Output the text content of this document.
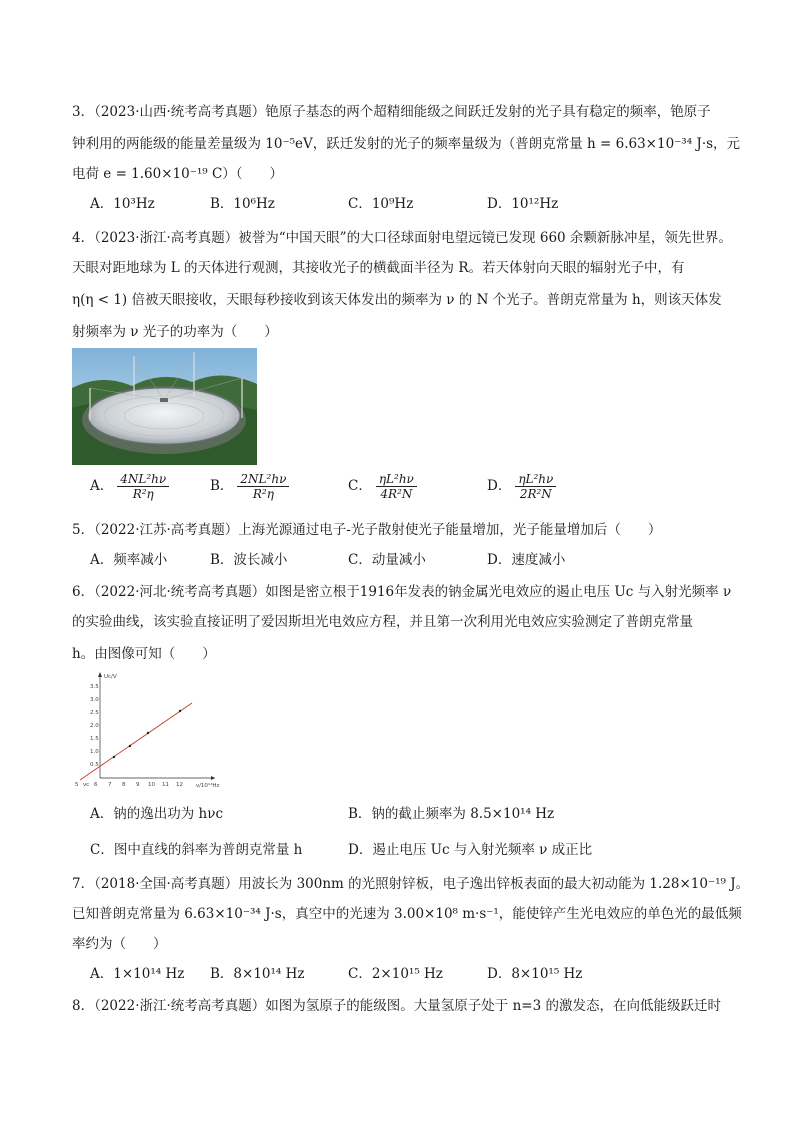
3．（2023·山西·统考高考真题）铯原子基态的两个超精细能级之间跃迁发射的光子具有稳定的频率，铯原子
钟利用的两能级的能量差量级为 10⁻⁵eV，跃迁发射的光子的频率量级为（普朗克常量 h = 6.63×10⁻³⁴ J·s，元
电荷 e = 1.60×10⁻¹⁹ C）（　　）
A．10³Hz	B．10⁶Hz	C．10⁹Hz	D．10¹²Hz
4．（2023·浙江·高考真题）被誉为“中国天眼”的大口径球面射电望远镜已发现 660 余颗新脉冲星，领先世界。
天眼对距地球为 L 的天体进行观测，其接收光子的横截面半径为 R。若天体射向天眼的辐射光子中，有
η(η < 1) 倍被天眼接收，天眼每秒接收到该天体发出的频率为 ν 的 N 个光子。普朗克常量为 h，则该天体发
射频率为 ν 光子的功率为（　　）
A． $\frac{\text{4NL²hν}}{\text{R²η}}$	B． $\frac{\text{2NL²hν}}{\text{R²η}}$	C． $\frac{\text{ηL²hν}}{\text{4R²N}}$	D． $\frac{\text{ηL²hν}}{\text{2R²N}}$
5．（2022·江苏·高考真题）上海光源通过电子-光子散射使光子能量增加，光子能量增加后（　　）
A．频率减小	B．波长减小	C．动量减小	D．速度减小
6．（2022·河北·统考高考真题）如图是密立根于1916年发表的钠金属光电效应的遏止电压 Uc 与入射光频率 ν
的实验曲线，该实验直接证明了爱因斯坦光电效应方程，并且第一次利用光电效应实验测定了普朗克常量
h。由图像可知（　　）
Uc/V
ν/10¹⁴Hz
0.5
1.0
1.5
2.0
2.5
3.0
3.5
5 νc 6 7 8 9 10 11 12
A．钠的逸出功为 hνc	B．钠的截止频率为 8.5×10¹⁴ Hz
C．图中直线的斜率为普朗克常量 h	D．遏止电压 Uc 与入射光频率 ν 成正比
7．（2018·全国·高考真题）用波长为 300nm 的光照射锌板，电子逸出锌板表面的最大初动能为 1.28×10⁻¹⁹ J。
已知普朗克常量为 6.63×10⁻³⁴ J·s，真空中的光速为 3.00×10⁸ m·s⁻¹，能使锌产生光电效应的单色光的最低频
率约为（　　）
A．1×10¹⁴ Hz B．8×10¹⁴ Hz	C．2×10¹⁵ Hz	D．8×10¹⁵ Hz
8．（2022·浙江·统考高考真题）如图为氢原子的能级图。大量氢原子处于 n=3 的激发态，在向低能级跃迁时
